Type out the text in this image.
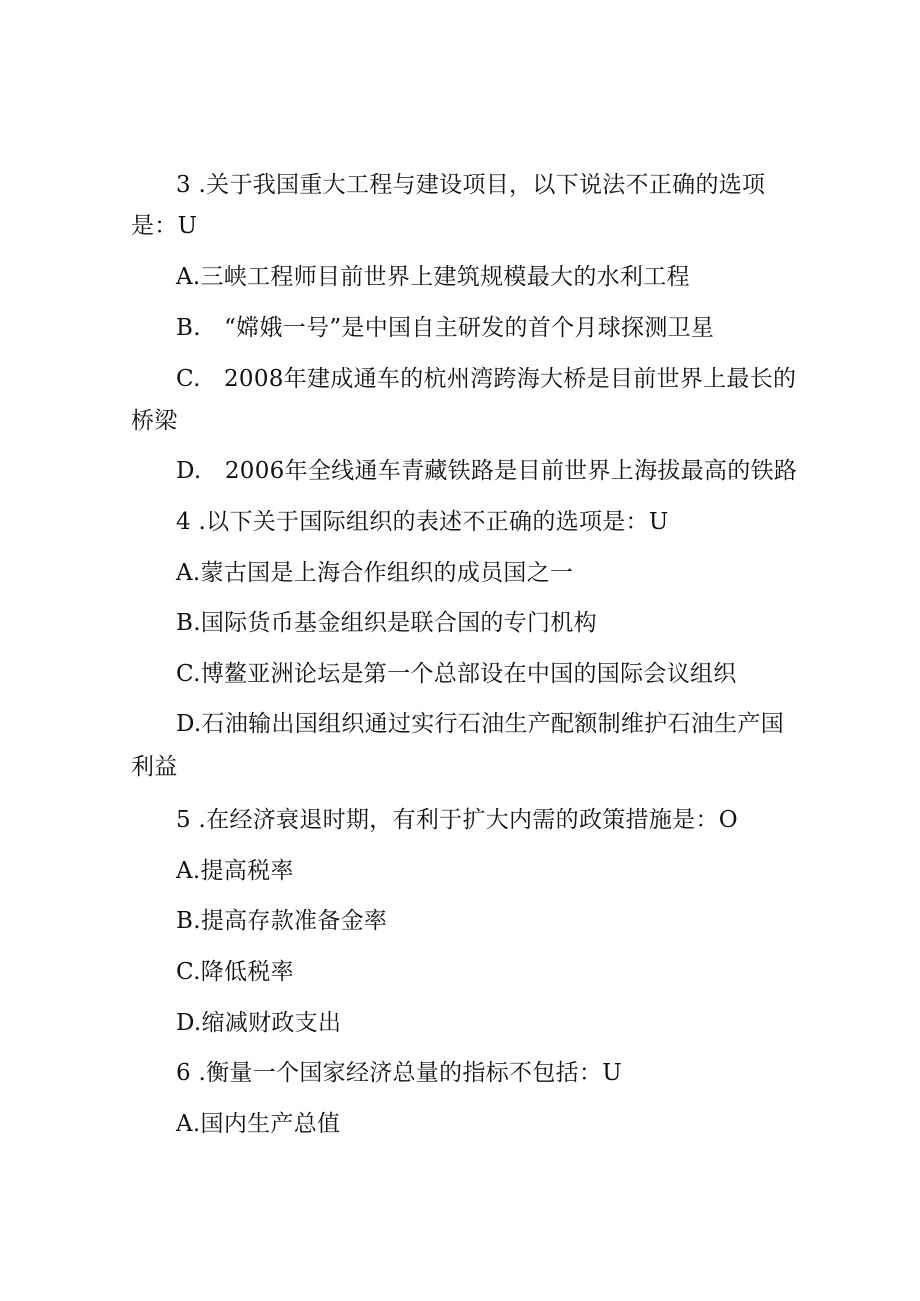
3 .关于我国重大工程与建设项目，以下说法不正确的选项
是：U
A.三峡工程师目前世界上建筑规模最大的水利工程
B.　“嫦娥一号”是中国自主研发的首个月球探测卫星
C.　2008年建成通车的杭州湾跨海大桥是目前世界上最长的
桥梁
D.　2006年全线通车青藏铁路是目前世界上海拔最高的铁路
4 .以下关于国际组织的表述不正确的选项是：U
A.蒙古国是上海合作组织的成员国之一
B.国际货币基金组织是联合国的专门机构
C.博鳌亚洲论坛是第一个总部设在中国的国际会议组织
D.石油输出国组织通过实行石油生产配额制维护石油生产国
利益
5 .在经济衰退时期，有利于扩大内需的政策措施是：O
A.提高税率
B.提高存款准备金率
C.降低税率
D.缩减财政支出
6 .衡量一个国家经济总量的指标不包括：U
A.国内生产总值
